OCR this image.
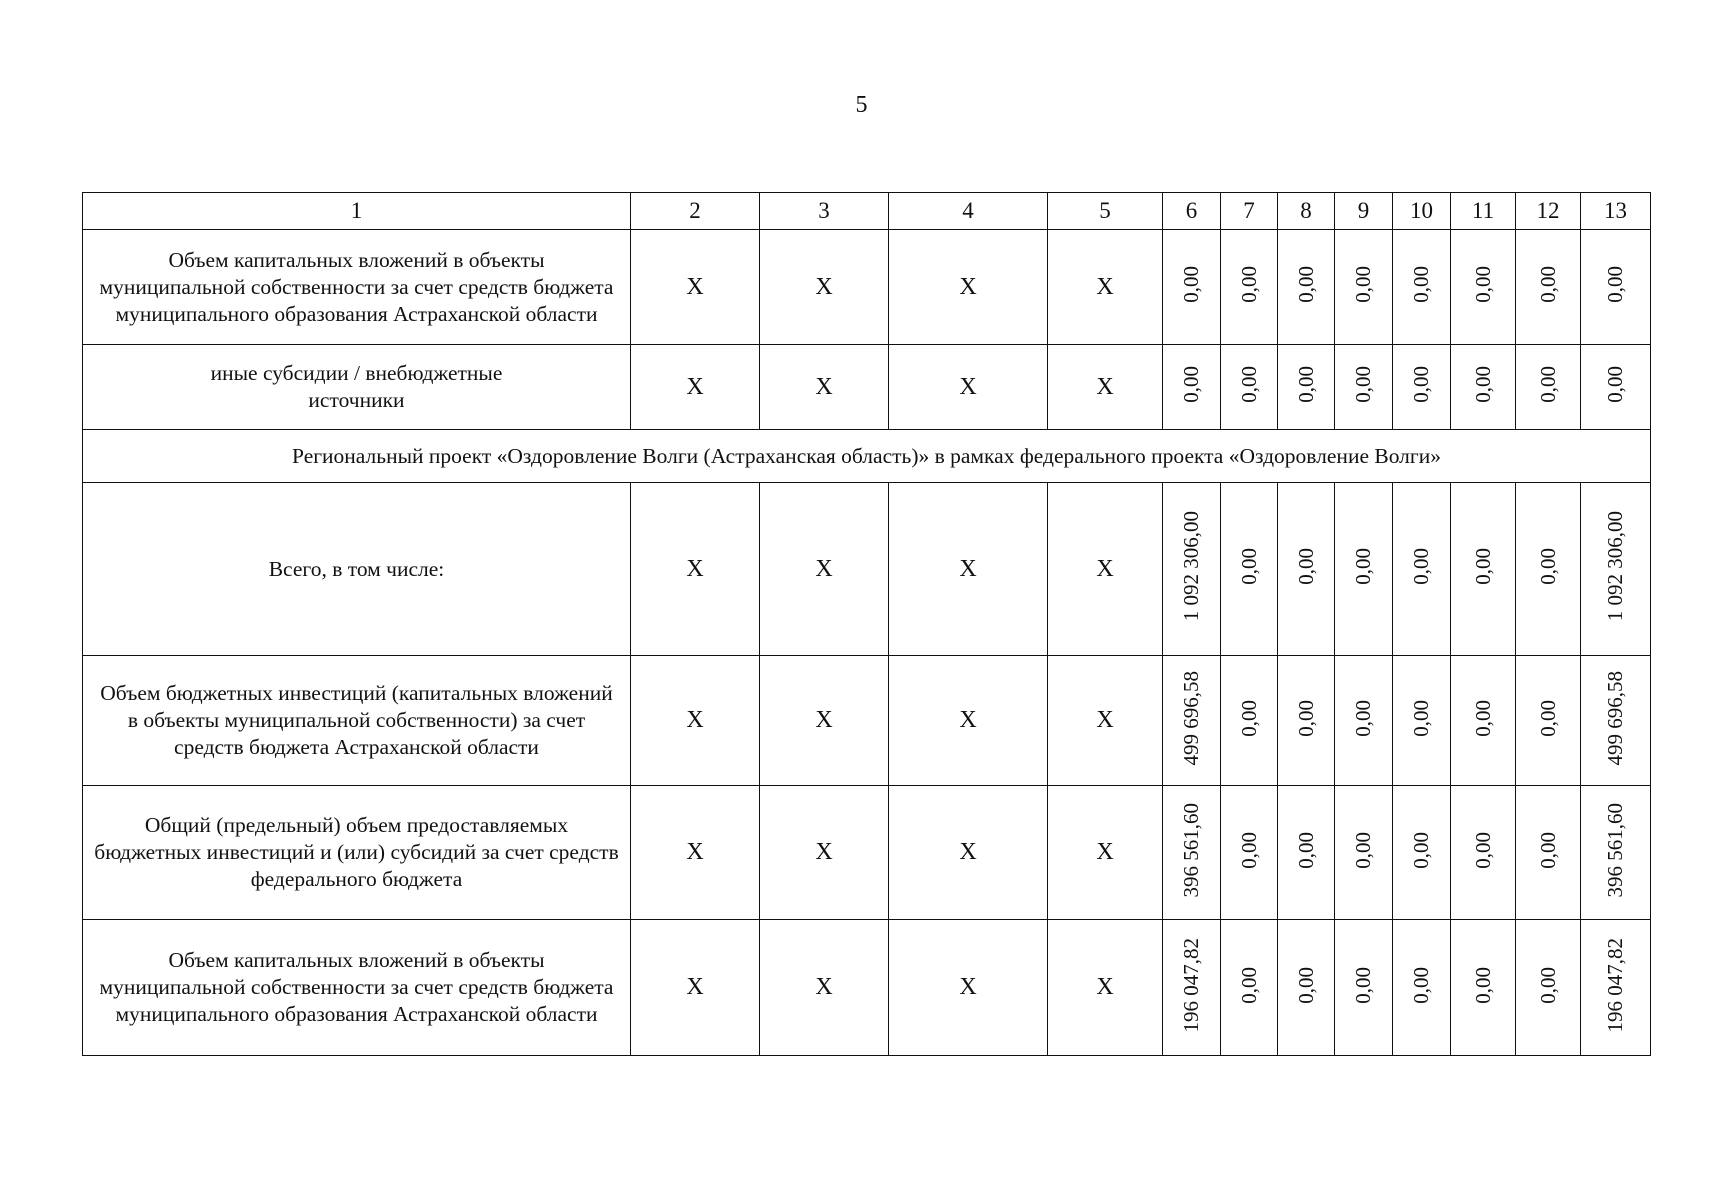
5
1	2	3	4	5	6	7	8	9	10	11	12	13
Объем капитальных вложений в объекты муниципальной собственности за счет средств бюджета муниципального образования Астраханской области	Х	Х	Х	Х	0,00	0,00	0,00	0,00	0,00	0,00	0,00	0,00
иные субсидии / внебюджетные источники	Х	Х	Х	Х	0,00	0,00	0,00	0,00	0,00	0,00	0,00	0,00
Региональный проект «Оздоровление Волги (Астраханская область)» в рамках федерального проекта «Оздоровление Волги»												
Всего, в том числе:	Х	Х	Х	Х	1 092 306,00	0,00	0,00	0,00	0,00	0,00	0,00	1 092 306,00
Объем бюджетных инвестиций (капитальных вложений в объекты муниципальной собственности) за счет средств бюджета Астраханской области	Х	Х	Х	Х	499 696,58	0,00	0,00	0,00	0,00	0,00	0,00	499 696,58
Общий (предельный) объем предоставляемых бюджетных инвестиций и (или) субсидий за счет средств федерального бюджета	Х	Х	Х	Х	396 561,60	0,00	0,00	0,00	0,00	0,00	0,00	396 561,60
Объем капитальных вложений в объекты муниципальной собственности за счет средств бюджета муниципального образования Астраханской области	Х	Х	Х	Х	196 047,82	0,00	0,00	0,00	0,00	0,00	0,00	196 047,82
